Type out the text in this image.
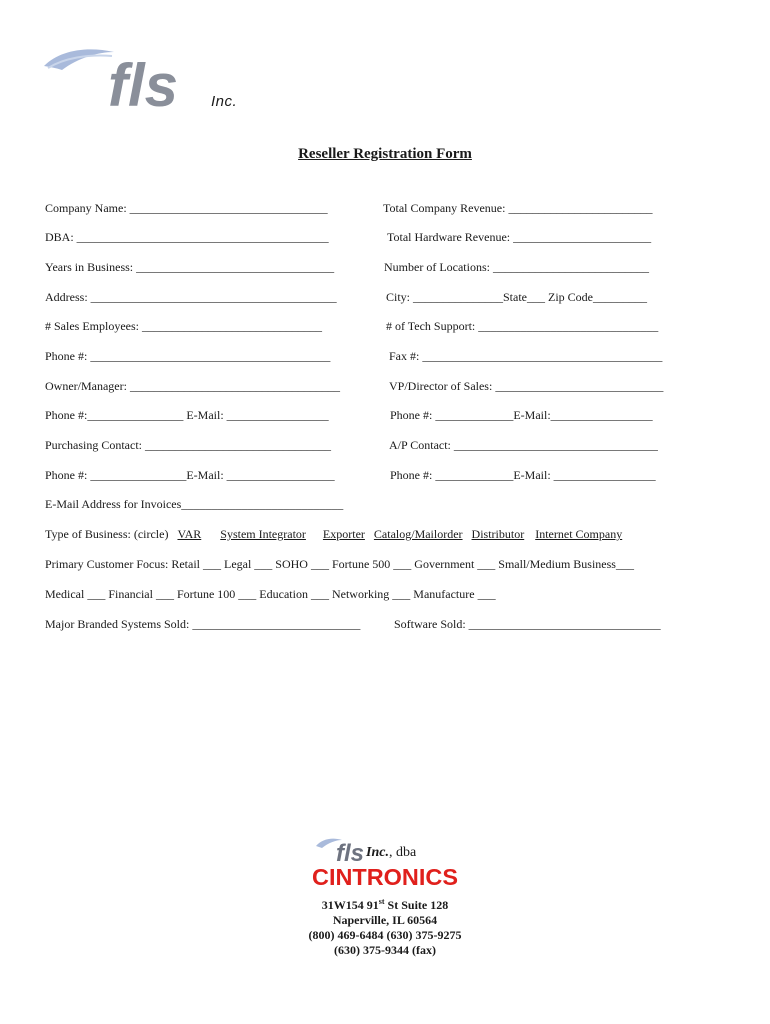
fls Inc.
Reseller Registration Form
Company Name: _________________________________	Total Company Revenue: ________________________
DBA: __________________________________________	Total Hardware Revenue: _______________________
Years in Business: _________________________________	Number of Locations: __________________________
Address: _________________________________________	City: _______________State___ Zip Code_________
# Sales Employees: ______________________________	# of Tech Support: ______________________________
Phone #: ________________________________________	Fax #: ________________________________________
Owner/Manager: ___________________________________	VP/Director of Sales: ____________________________
Phone #:________________ E-Mail: _________________	Phone #: _____________E-Mail:_________________
Purchasing Contact: _______________________________	A/P Contact: __________________________________
Phone #: ________________E-Mail: __________________	Phone #: _____________E-Mail: _________________
E-Mail Address for Invoices___________________________
Type of Business: (circle) VAR System Integrator Exporter Catalog/Mailorder Distributor Internet Company
Primary Customer Focus: Retail ___ Legal ___ SOHO ___ Fortune 500 ___ Government ___ Small/Medium Business___
Medical ___ Financial ___ Fortune 100 ___ Education ___ Networking ___ Manufacture ___
Major Branded Systems Sold: ____________________________	Software Sold: ________________________________
fls Inc., dba
CINTRONICS
31W154 91st St Suite 128
Naperville, IL 60564
(800) 469-6484 (630) 375-9275
(630) 375-9344 (fax)
